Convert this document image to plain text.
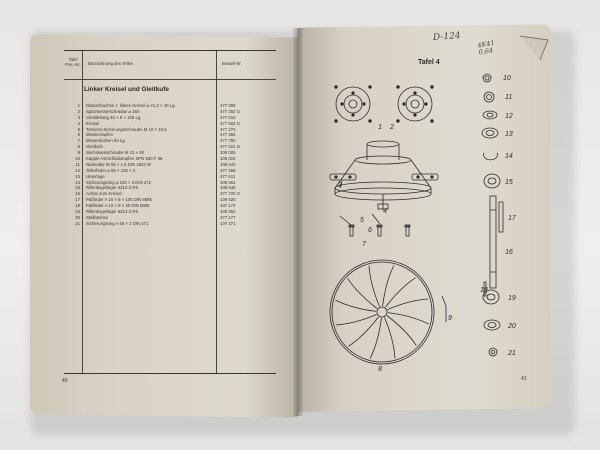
Tafel Pos.-Nr. Bezeichnung des Teiles	Bestell-Nr.
Linker Kreisel und Gleitkufe
1 Distanzbuchse z. linken Kreisel ⌀ 21,3 × 40 Lg.	477 009
2 Spitzmesserschraube ⌀ 260	477 252 G
3 Verstärkung 45 × 8 × 100 Lg.	477 010
4 Kreisel	477 602 G
5 Torsions-Sicherungsschraube M 10 × 16,5	477 274
6 Messerzapfen	477 365
7 Messerbolzen 84 Lg.	477 760
8 Gleitkufe	477 621 G
9 Sechskantschraube M 12 × 60	109 005
10 Kappte-Verschlußstopfen SPN 500 F 38	109 022
11 Nutmutter M 55 × 1,5 DIN 1804 W	108 543
12 Tellerfeder ⌀ 55 × 100 × 4	477 268
13 Unterlage	477 611
14 Sicherungsring ⌀ 100 × 3 DIN 472	108 551
15 Rillenkugellager 6212-2 RS	108 546
16 Achse zum Kreisel	477 720 G
17 Paßfeder A 10 × 8 × 100 DIN 6885	108 620
18 Paßfeder A 10 × 8 × 40 DIN 6885	107 172
19 Rillenkugellager 6213-2 RS	108 552
20 Stellbüchse	477 177
21 Sicherungsring A 65 × 2 DIN 471	107 371
40
Tafel 4
D-124
4K41 0,64
41
1 2
3
4
5
6
7
8
9
10
11
12
13
14
15
16
17
18
19
20
21
